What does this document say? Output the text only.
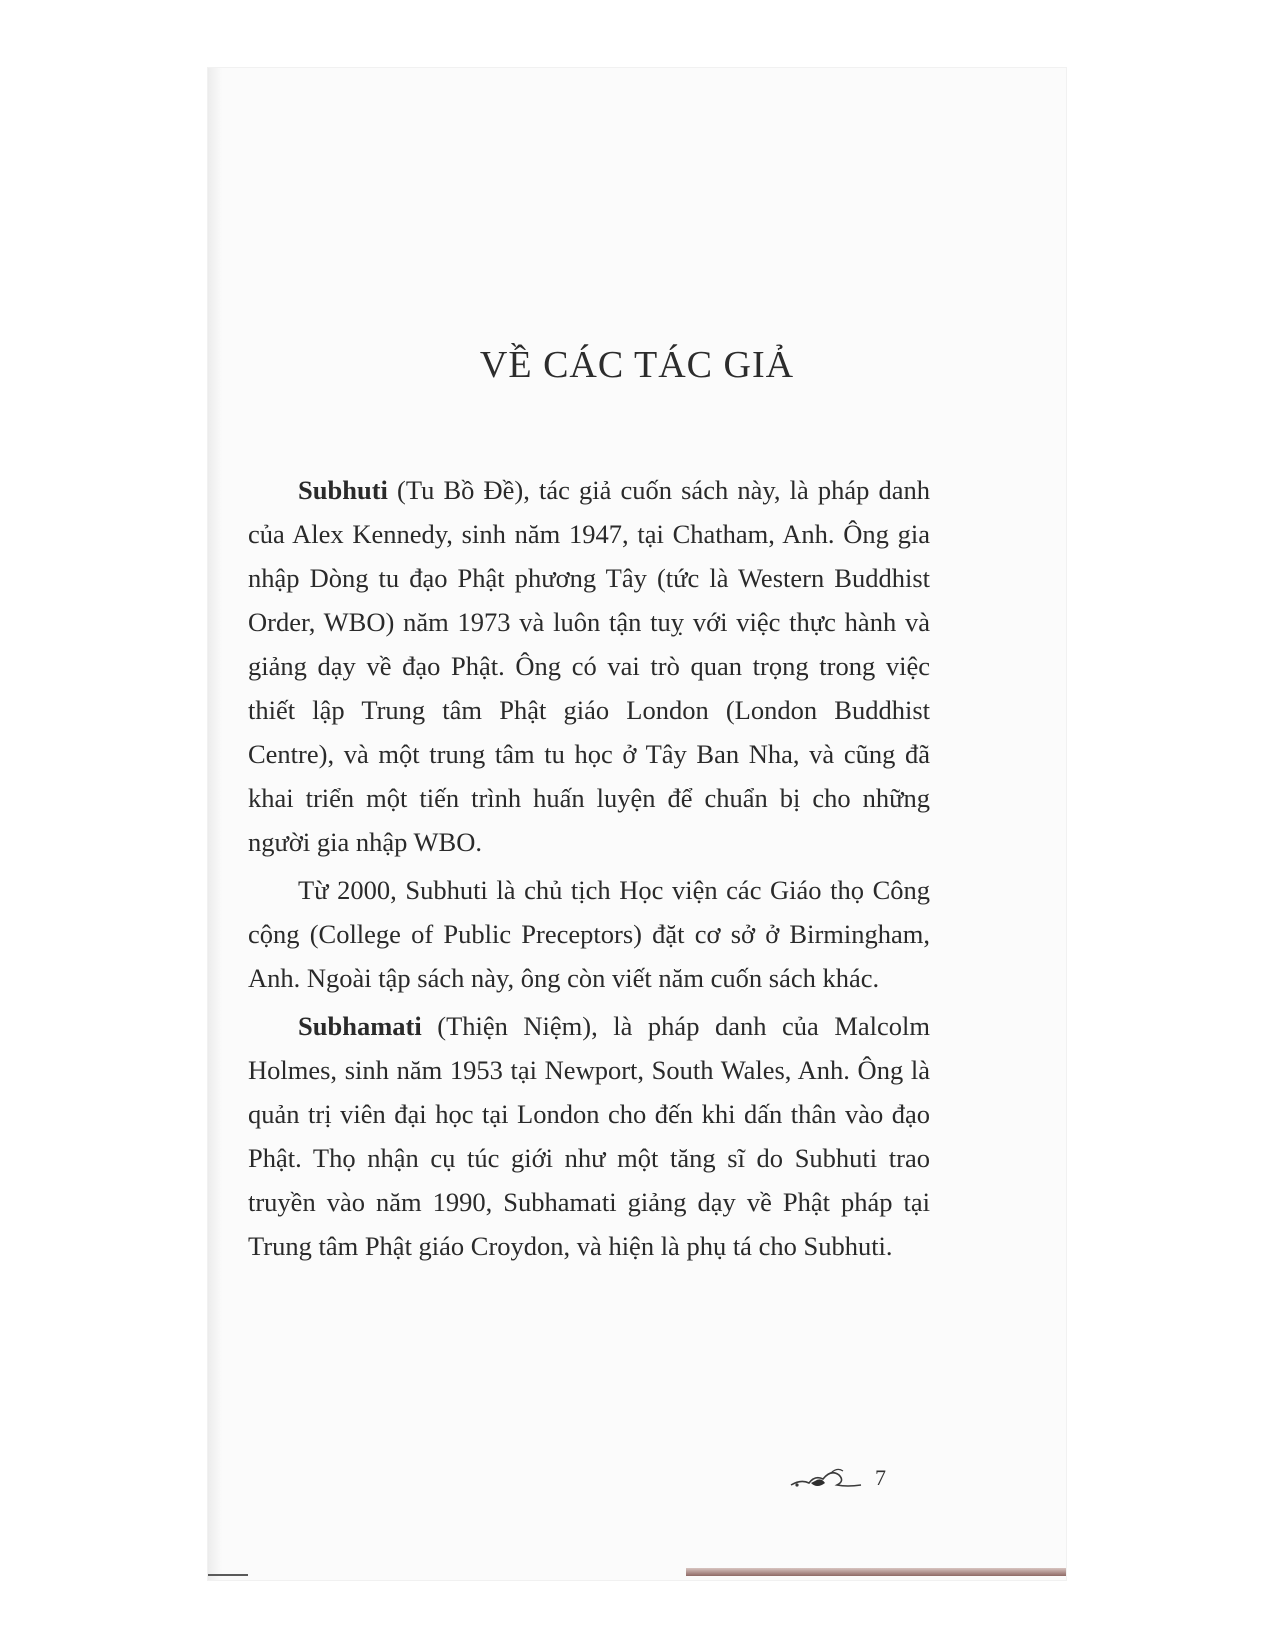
VỀ CÁC TÁC GIẢ

Subhuti (Tu Bồ Đề), tác giả cuốn sách này, là pháp danh của Alex Kennedy, sinh năm 1947, tại Chatham, Anh. Ông gia nhập Dòng tu đạo Phật phương Tây (tức là Western Buddhist Order, WBO) năm 1973 và luôn tận tuỵ với việc thực hành và giảng dạy về đạo Phật. Ông có vai trò quan trọng trong việc thiết lập Trung tâm Phật giáo London (London Buddhist Centre), và một trung tâm tu học ở Tây Ban Nha, và cũng đã khai triển một tiến trình huấn luyện để chuẩn bị cho những người gia nhập WBO.

Từ 2000, Subhuti là chủ tịch Học viện các Giáo thọ Công cộng (College of Public Preceptors) đặt cơ sở ở Birmingham, Anh. Ngoài tập sách này, ông còn viết năm cuốn sách khác.

Subhamati (Thiện Niệm), là pháp danh của Malcolm Holmes, sinh năm 1953 tại Newport, South Wales, Anh. Ông là quản trị viên đại học tại London cho đến khi dấn thân vào đạo Phật. Thọ nhận cụ túc giới như một tăng sĩ do Subhuti trao truyền vào năm 1990, Subhamati giảng dạy về Phật pháp tại Trung tâm Phật giáo Croydon, và hiện là phụ tá cho Subhuti.

7
